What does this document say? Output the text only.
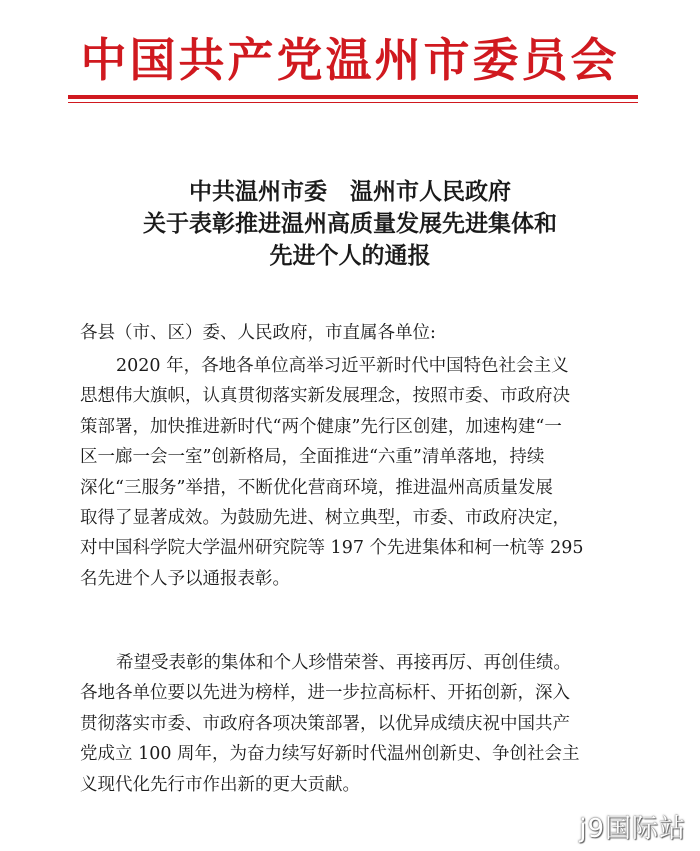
中国共产党温州市委员会
中共温州市委　温州市人民政府
关于表彰推进温州高质量发展先进集体和
先进个人的通报
各县（市、区）委、人民政府，市直属各单位:
2020 年，各地各单位高举习近平新时代中国特色社会主义
思想伟大旗帜，认真贯彻落实新发展理念，按照市委、市政府决
策部署，加快推进新时代“两个健康”先行区创建，加速构建“一
区一廊一会一室”创新格局，全面推进“六重”清单落地，持续
深化“三服务”举措，不断优化营商环境，推进温州高质量发展
取得了显著成效。为鼓励先进、树立典型，市委、市政府决定，
对中国科学院大学温州研究院等 197 个先进集体和柯一杭等 295
名先进个人予以通报表彰。
希望受表彰的集体和个人珍惜荣誉、再接再厉、再创佳绩。
各地各单位要以先进为榜样，进一步拉高标杆、开拓创新，深入
贯彻落实市委、市政府各项决策部署，以优异成绩庆祝中国共产
党成立 100 周年，为奋力续写好新时代温州创新史、争创社会主
义现代化先行市作出新的更大贡献。
j9国际站
